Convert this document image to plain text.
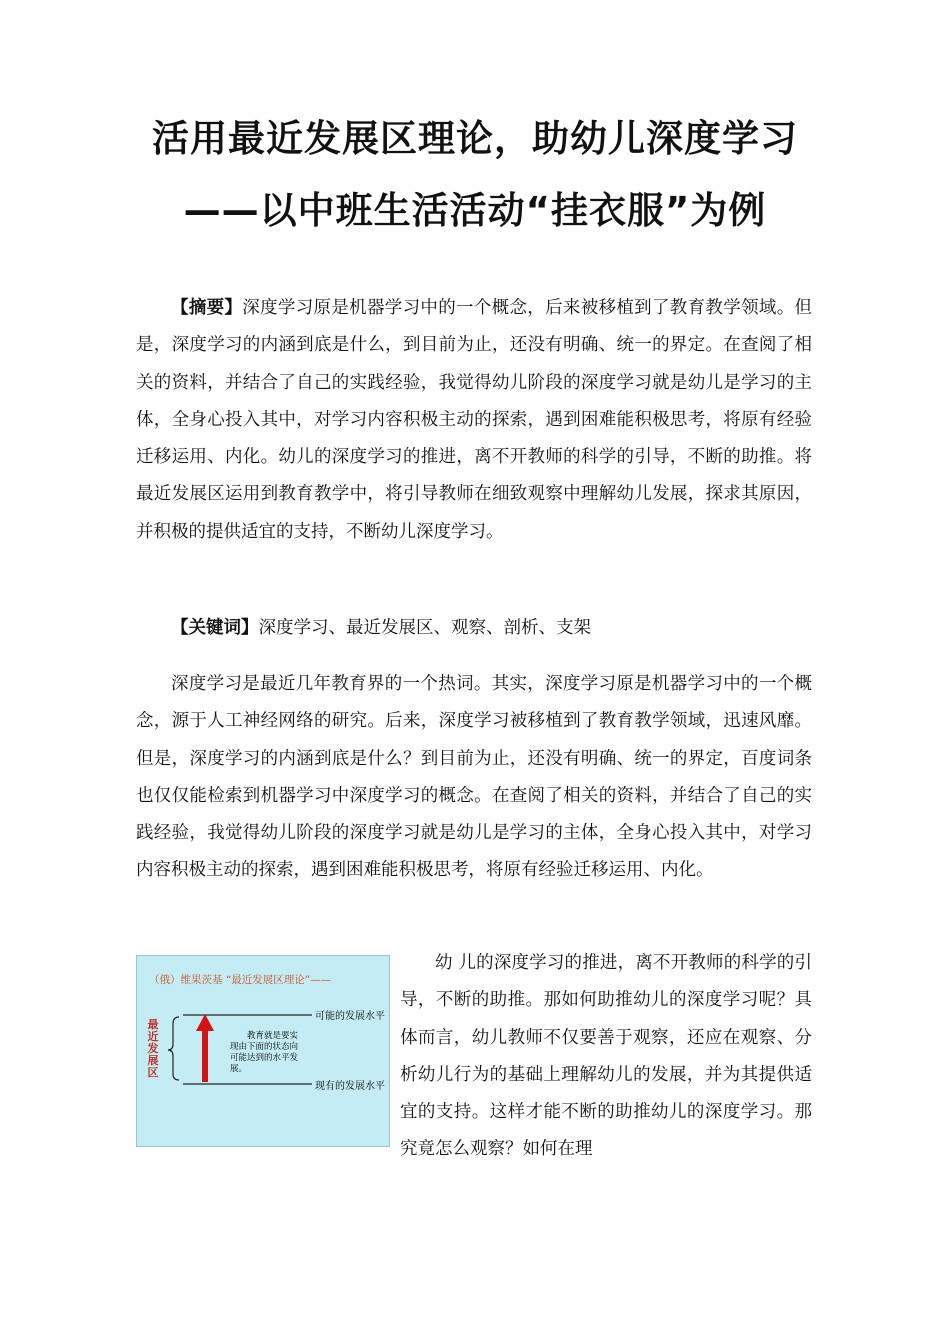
活用最近发展区理论，助幼儿深度学习
——以中班生活活动“挂衣服”为例

【摘要】深度学习原是机器学习中的一个概念，后来被移植到了教育教学领域。但是，深度学习的内涵到底是什么，到目前为止，还没有明确、统一的界定。在查阅了相关的资料，并结合了自己的实践经验，我觉得幼儿阶段的深度学习就是幼儿是学习的主体，全身心投入其中，对学习内容积极主动的探索，遇到困难能积极思考，将原有经验迁移运用、内化。幼儿的深度学习的推进，离不开教师的科学的引导，不断的助推。将最近发展区运用到教育教学中，将引导教师在细致观察中理解幼儿发展，探求其原因，并积极的提供适宜的支持，不断幼儿深度学习。

【关键词】深度学习、最近发展区、观察、剖析、支架

深度学习是最近几年教育界的一个热词。其实，深度学习原是机器学习中的一个概念，源于人工神经网络的研究。后来，深度学习被移植到了教育教学领域，迅速风靡。但是，深度学习的内涵到底是什么？到目前为止，还没有明确、统一的界定，百度词条也仅仅能检索到机器学习中深度学习的概念。在查阅了相关的资料，并结合了自己的实践经验，我觉得幼儿阶段的深度学习就是幼儿是学习的主体，全身心投入其中，对学习内容积极主动的探索，遇到困难能积极思考，将原有经验迁移运用、内化。

（俄）维果茨基 “最近发展区理论”——
最
近
发
展
区
可能的发展水平
现有的发展水平
教育就是要实
现由下面的状态向
可能达到的水平发
展。

幼 儿的深度学习的推进，离不开教师的科学的引导，不断的助推。那如何助推幼儿的深度学习呢？具体而言，幼儿教师不仅要善于观察，还应在观察、分析幼儿行为的基础上理解幼儿的发展，并为其提供适宜的支持。这样才能不断的助推幼儿的深度学习。那究竟怎么观察？如何在理
